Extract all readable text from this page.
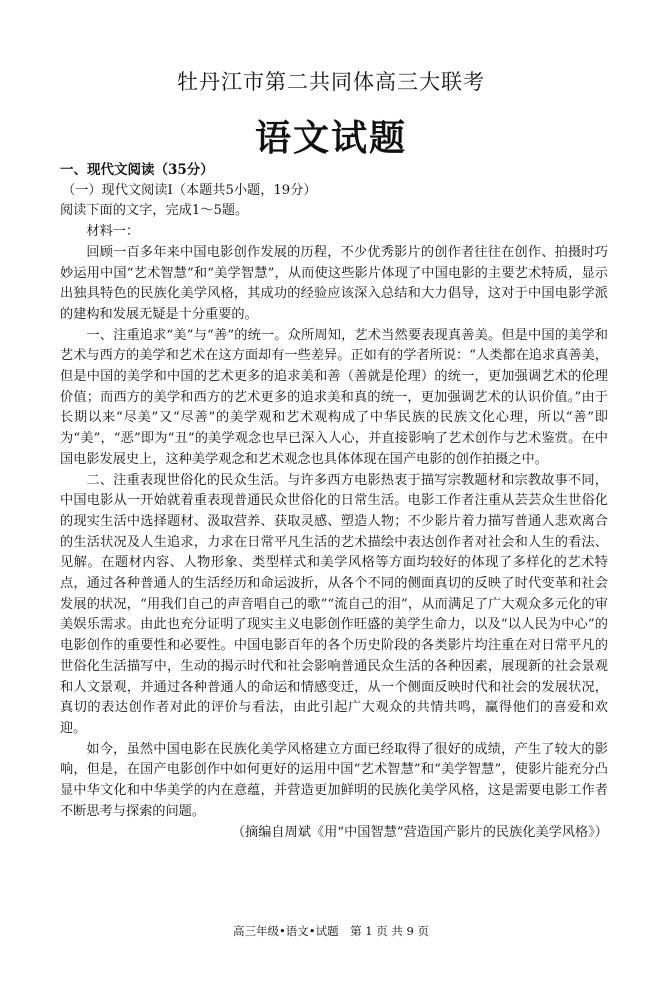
牡丹江市第二共同体高三大联考
语文试题

一、现代文阅读（35分）

（一）现代文阅读Ⅰ（本题共5小题，19分）

阅读下面的文字，完成1～5题。

材料一：

回顾一百多年来中国电影创作发展的历程，不少优秀影片的创作者往往在创作、拍摄时巧妙运用中国“艺术智慧”和“美学智慧”，从而使这些影片体现了中国电影的主要艺术特质，显示出独具特色的民族化美学风格，其成功的经验应该深入总结和大力倡导，这对于中国电影学派的建构和发展无疑是十分重要的。

一、注重追求“美”与“善”的统一。众所周知，艺术当然要表现真善美。但是中国的美学和艺术与西方的美学和艺术在这方面却有一些差异。正如有的学者所说：“人类都在追求真善美，但是中国的美学和中国的艺术更多的追求美和善（善就是伦理）的统一，更加强调艺术的伦理价值；而西方的美学和西方的艺术更多的追求美和真的统一，更加强调艺术的认识价值。”由于长期以来“尽美”又“尽善”的美学观和艺术观构成了中华民族的民族文化心理，所以“善”即为“美”，“恶”即为“丑”的美学观念也早已深入人心，并直接影响了艺术创作与艺术鉴赏。在中国电影发展史上，这种美学观念和艺术观念也具体体现在国产电影的创作拍摄之中。

二、注重表现世俗化的民众生活。与许多西方电影热衷于描写宗教题材和宗教故事不同，中国电影从一开始就着重表现普通民众世俗化的日常生活。电影工作者注重从芸芸众生世俗化的现实生活中选择题材、汲取营养、获取灵感、塑造人物；不少影片着力描写普通人悲欢离合的生活状况及人生追求，力求在日常平凡生活的艺术描绘中表达创作者对社会和人生的看法、见解。在题材内容、人物形象、类型样式和美学风格等方面均较好的体现了多样化的艺术特点，通过各种普通人的生活经历和命运波折，从各个不同的侧面真切的反映了时代变革和社会发展的状况，“用我们自己的声音唱自己的歌”“流自己的泪”，从而满足了广大观众多元化的审美娱乐需求。由此也充分证明了现实主义电影创作旺盛的美学生命力，以及“以人民为中心”的电影创作的重要性和必要性。中国电影百年的各个历史阶段的各类影片均注重在对日常平凡的世俗化生活描写中，生动的揭示时代和社会影响普通民众生活的各种因素，展现新的社会景观和人文景观，并通过各种普通人的命运和情感变迁，从一个侧面反映时代和社会的发展状况，真切的表达创作者对此的评价与看法，由此引起广大观众的共情共鸣，赢得他们的喜爱和欢迎。

如今，虽然中国电影在民族化美学风格建立方面已经取得了很好的成绩，产生了较大的影响，但是，在国产电影创作中如何更好的运用中国“艺术智慧”和“美学智慧”，使影片能充分凸显中华文化和中华美学的内在意蕴，并营造更加鲜明的民族化美学风格，这是需要电影工作者不断思考与探索的问题。

（摘编自周斌《用“中国智慧”营造国产影片的民族化美学风格》）

高三年级•语文•试题　第 1 页 共 9 页
